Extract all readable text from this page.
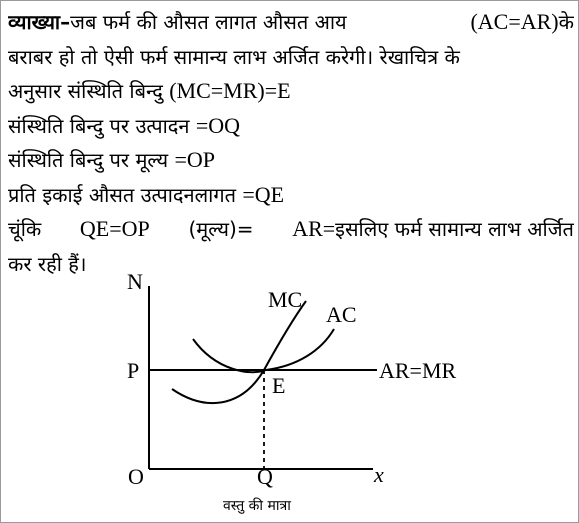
व्याख्या–जब फर्म की औसत लागत औसत आय	(AC=AR)के
बराबर हो तो ऐसी फर्म सामान्य लाभ अर्जित करेगी। रेखाचित्र के
अनुसार संस्थिति बिन्दु (MC=MR)=E
संस्थिति बिन्दु पर उत्पादन =OQ
संस्थिति बिन्दु पर मूल्य =OP
प्रति इकाई औसत उत्पादनलागत =QE
चूंकि QE=OP (मूल्य)= AR=इसलिए फर्म सामान्य लाभ अर्जित
कर रही हैं।
N
P
O	Q	x
E
MC
AC
AR=MR
वस्तु की मात्रा
